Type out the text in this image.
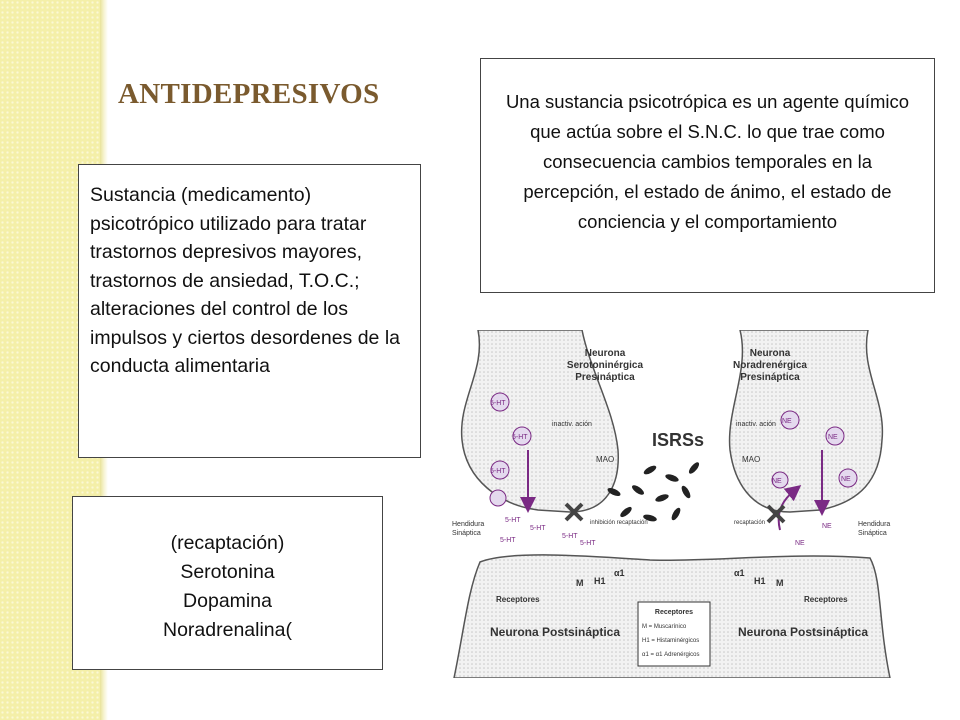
ANTIDEPRESIVOS
Sustancia (medicamento) psicotrópico utilizado para tratar trastornos depresivos mayores, trastornos de ansiedad, T.O.C.; alteraciones del control de los impulsos y ciertos desordenes de la conducta alimentaria
Una sustancia psicotrópica es un agente químico que actúa sobre el S.N.C. lo que trae como consecuencia cambios temporales en la percepción, el estado de ánimo, el estado de conciencia y el comportamiento
(recaptación)
Serotonina
Dopamina
Noradrenalina(
Neurona
Serotoninérgica
Presináptica
Neurona
Noradrenérgica
Presináptica
5-HT
5-HT
5-HT
5-HT
5-HT
5-HT
5-HT
5-HT
NE
NE
NE
NE
NE
NE
ISRSs
inactiv. ación	inactiv. ación
MAO	MAO
inhibición recaptación	recaptación
Hendidura
Sináptica
Hendidura
Sináptica
M H1
α1	α1
H1 M
Receptores	Receptores
Neurona Postsináptica	Neurona Postsináptica
Receptores
M = Muscarínico
H1 = Histaminérgicos
α1 = α1 Adrenérgicos
